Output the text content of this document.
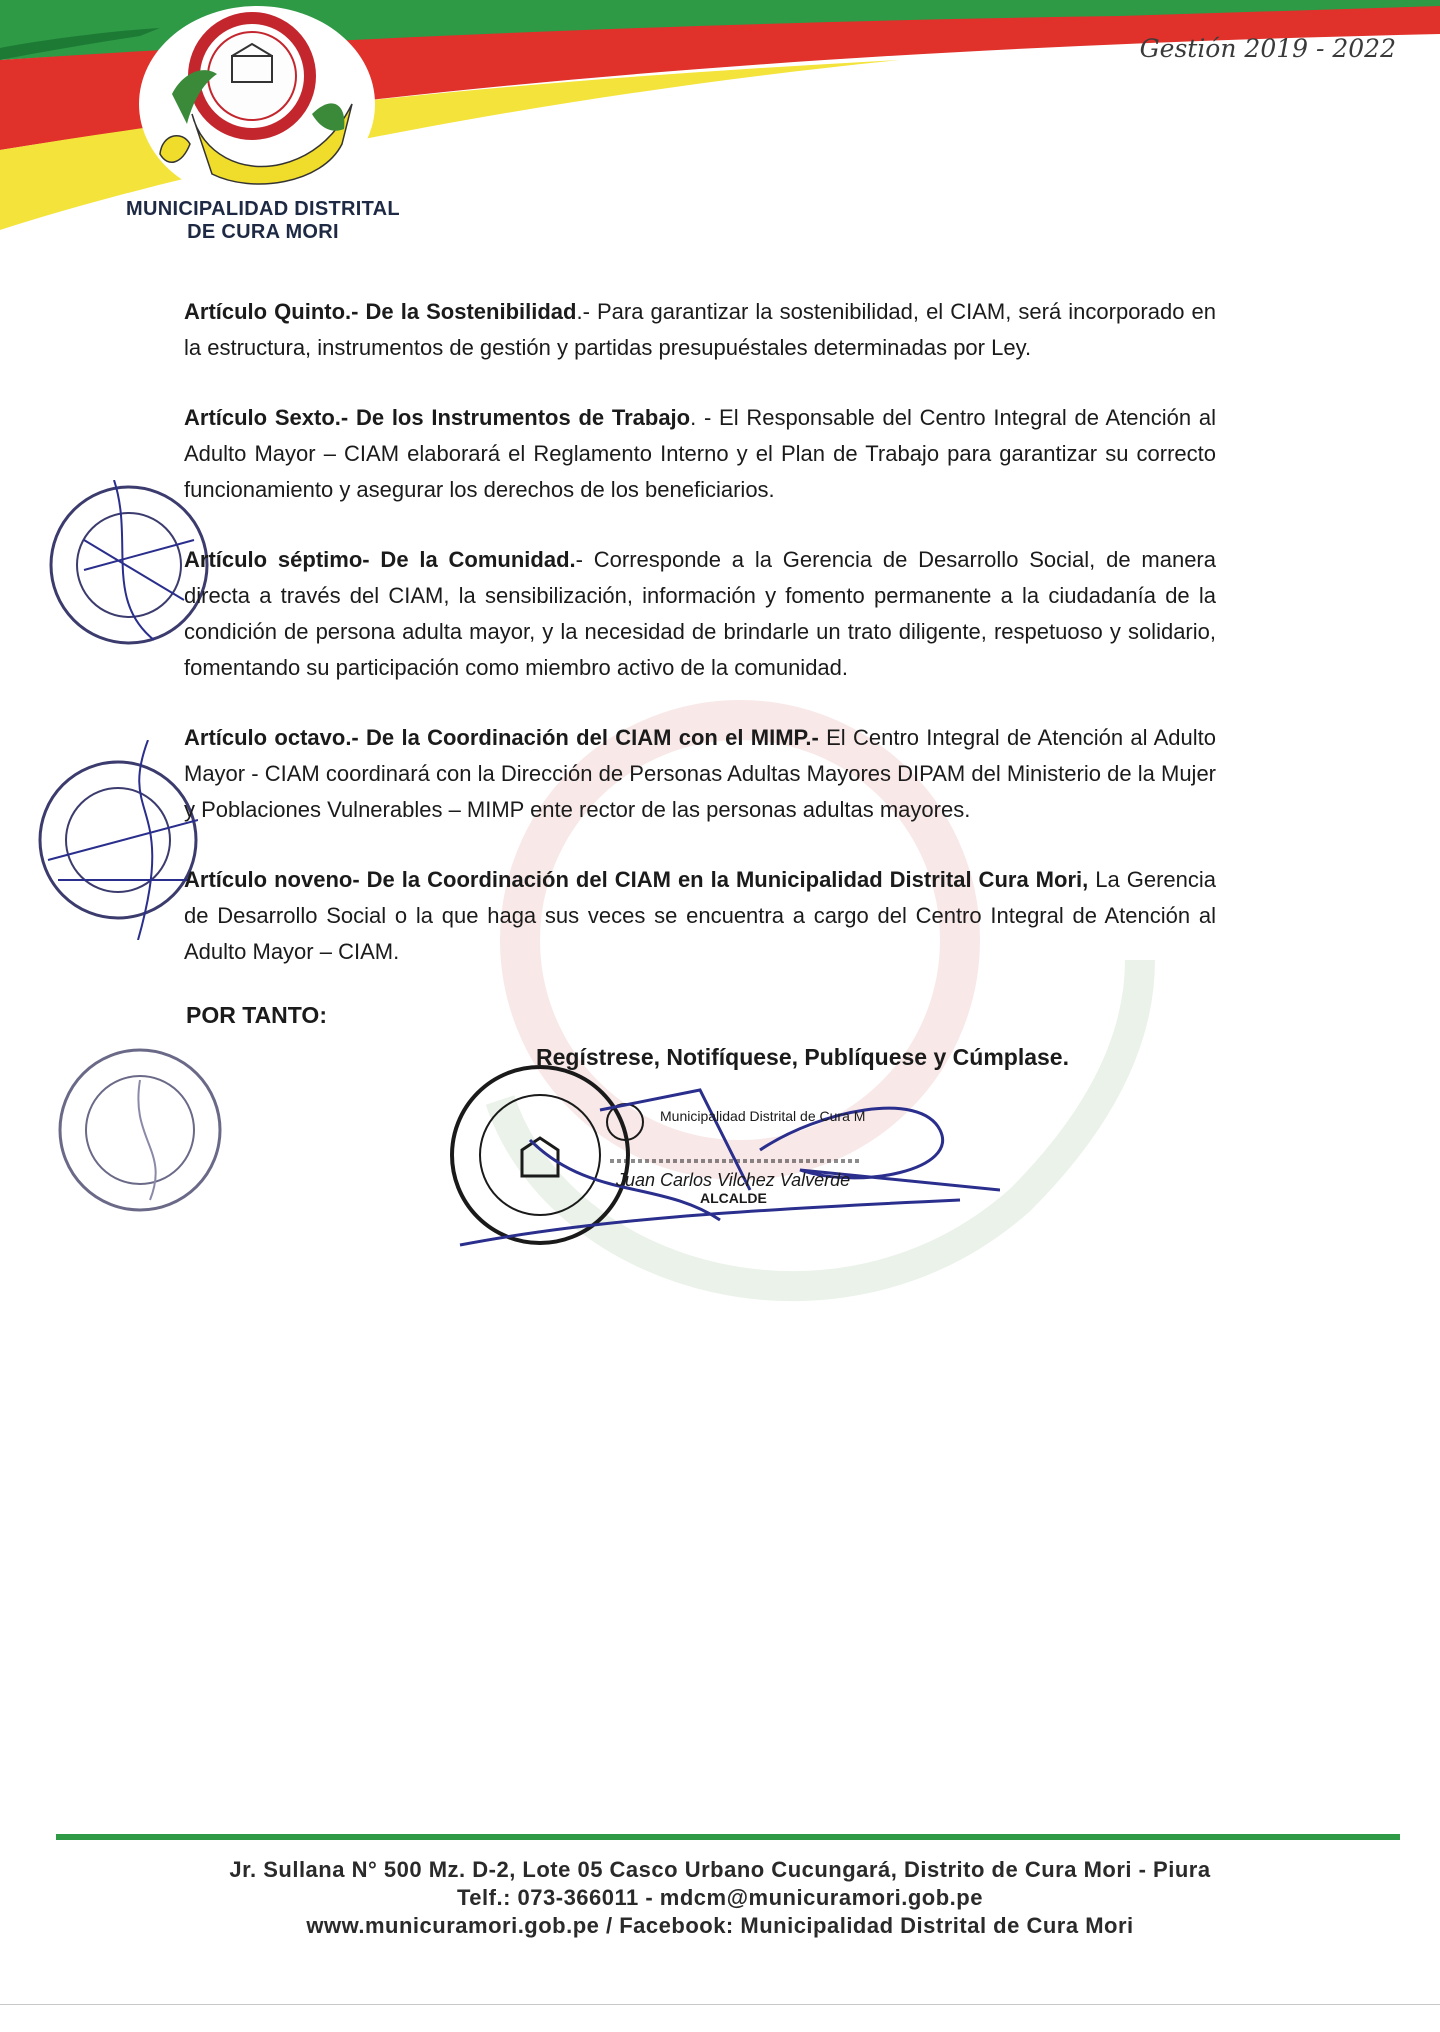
MUNICIPALIDAD DISTRITAL
DE CURA MORI
Gestión 2019 - 2022

Artículo Quinto.- De la Sostenibilidad.- Para garantizar la sostenibilidad, el CIAM, será incorporado en la estructura, instrumentos de gestión y partidas presupuéstales determinadas por Ley.

Artículo Sexto.- De los Instrumentos de Trabajo. - El Responsable del Centro Integral de Atención al Adulto Mayor – CIAM elaborará el Reglamento Interno y el Plan de Trabajo para garantizar su correcto funcionamiento y asegurar los derechos de los beneficiarios.

Artículo séptimo- De la Comunidad.- Corresponde a la Gerencia de Desarrollo Social, de manera directa a través del CIAM, la sensibilización, información y fomento permanente a la ciudadanía de la condición de persona adulta mayor, y la necesidad de brindarle un trato diligente, respetuoso y solidario, fomentando su participación como miembro activo de la comunidad.

Artículo octavo.- De la Coordinación del CIAM con el MIMP.- El Centro Integral de Atención al Adulto Mayor - CIAM coordinará con la Dirección de Personas Adultas Mayores DIPAM del Ministerio de la Mujer y Poblaciones Vulnerables – MIMP ente rector de las personas adultas mayores.

Artículo noveno- De la Coordinación del CIAM en la Municipalidad Distrital Cura Mori, La Gerencia de Desarrollo Social o la que haga sus veces se encuentra a cargo del Centro Integral de Atención al Adulto Mayor – CIAM.

POR TANTO:
Regístrese, Notifíquese, Publíquese y Cúmplase.
Municipalidad Distrital de Cura M
Juan Carlos Vilchez Valverde
ALCALDE
Jr. Sullana N° 500 Mz. D-2, Lote 05 Casco Urbano Cucungará, Distrito de Cura Mori - Piura
Telf.: 073-366011 - mdcm@municuramori.gob.pe
www.municuramori.gob.pe / Facebook: Municipalidad Distrital de Cura Mori
